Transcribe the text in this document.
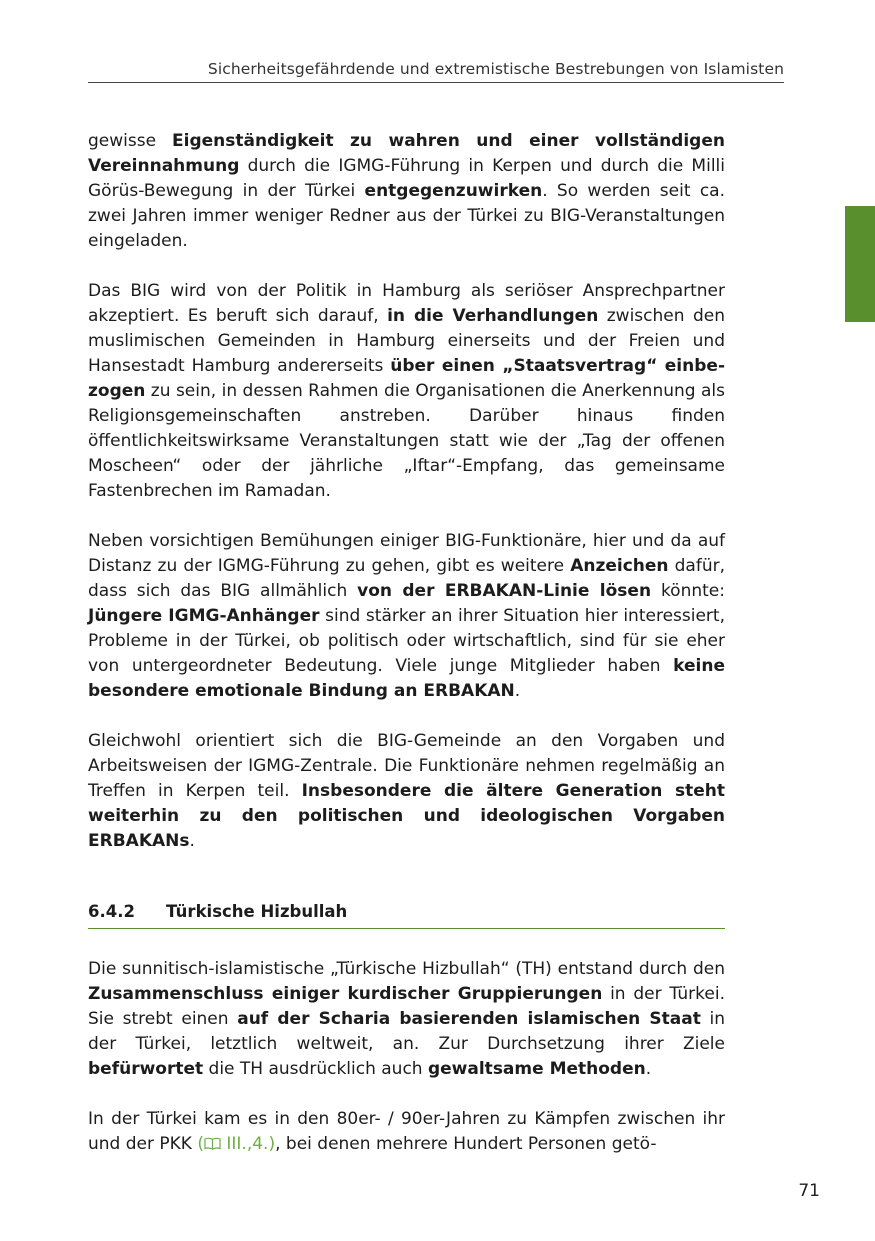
Sicherheitsgefährdende und extremistische Bestrebungen von Islamisten

gewisse Eigenständigkeit zu wahren und einer vollständigen Vereinnahmung durch die IGMG-Führung in Kerpen und durch die Milli Görüs-Bewegung in der Türkei entgegenzuwirken. So werden seit ca. zwei Jahren immer weniger Redner aus der Türkei zu BIG-Veranstaltungen eingeladen.

Das BIG wird von der Politik in Hamburg als seriöser Ansprechpartner akzeptiert. Es beruft sich darauf, in die Verhandlungen zwischen den muslimischen Gemeinden in Hamburg einerseits und der Freien und Hansestadt Hamburg andererseits über einen „Staatsvertrag“ einbezogen zu sein, in dessen Rahmen die Organisationen die Anerkennung als Religionsgemeinschaften anstreben. Darüber hinaus finden öffentlichkeitswirksame Veranstaltungen statt wie der „Tag der offenen Moscheen“ oder der jährliche „Iftar“-Empfang, das gemeinsame Fastenbrechen im Ramadan.

Neben vorsichtigen Bemühungen einiger BIG-Funktionäre, hier und da auf Distanz zu der IGMG-Führung zu gehen, gibt es weitere Anzeichen dafür, dass sich das BIG allmählich von der ERBAKAN-Linie lösen könnte: Jüngere IGMG-Anhänger sind stärker an ihrer Situation hier interessiert, Probleme in der Türkei, ob politisch oder wirtschaftlich, sind für sie eher von untergeordneter Bedeutung. Viele junge Mitglieder haben keine besondere emotionale Bindung an ERBAKAN.

Gleichwohl orientiert sich die BIG-Gemeinde an den Vorgaben und Arbeitsweisen der IGMG-Zentrale. Die Funktionäre nehmen regelmäßig an Treffen in Kerpen teil. Insbesondere die ältere Generation steht weiterhin zu den politischen und ideologischen Vorgaben ERBAKANs.

6.4.2	Türkische Hizbullah

Die sunnitisch-islamistische „Türkische Hizbullah“ (TH) entstand durch den Zusammenschluss einiger kurdischer Gruppierungen in der Türkei. Sie strebt einen auf der Scharia basierenden islamischen Staat in der Türkei, letztlich weltweit, an. Zur Durchsetzung ihrer Ziele befürwortet die TH ausdrücklich auch gewaltsame Methoden.

In der Türkei kam es in den 80er- / 90er-Jahren zu Kämpfen zwischen ihr und der PKK ( III.,4.), bei denen mehrere Hundert Personen getö-

71
